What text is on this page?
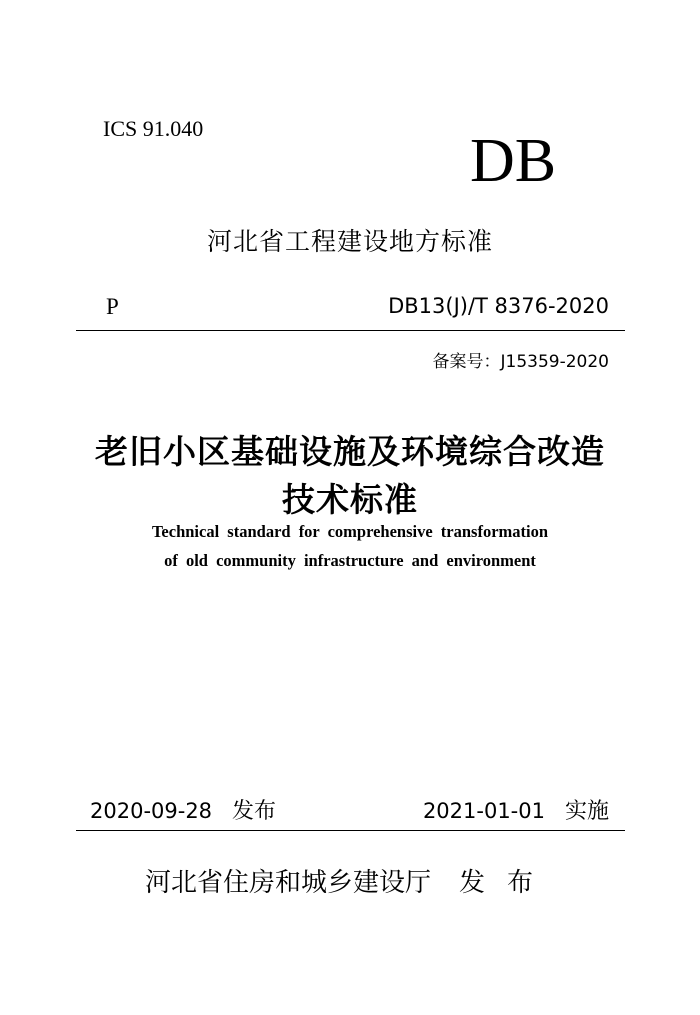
ICS 91.040	DB
河北省工程建设地方标准
P	DB13(J)/T 8376-2020
备案号：J15359-2020
老旧小区基础设施及环境综合改造
技术标准
Technical standard for comprehensive transformation
of old community infrastructure and environment
2020-09-28 发布	2021-01-01 实施
河北省住房和城乡建设厅 发布
